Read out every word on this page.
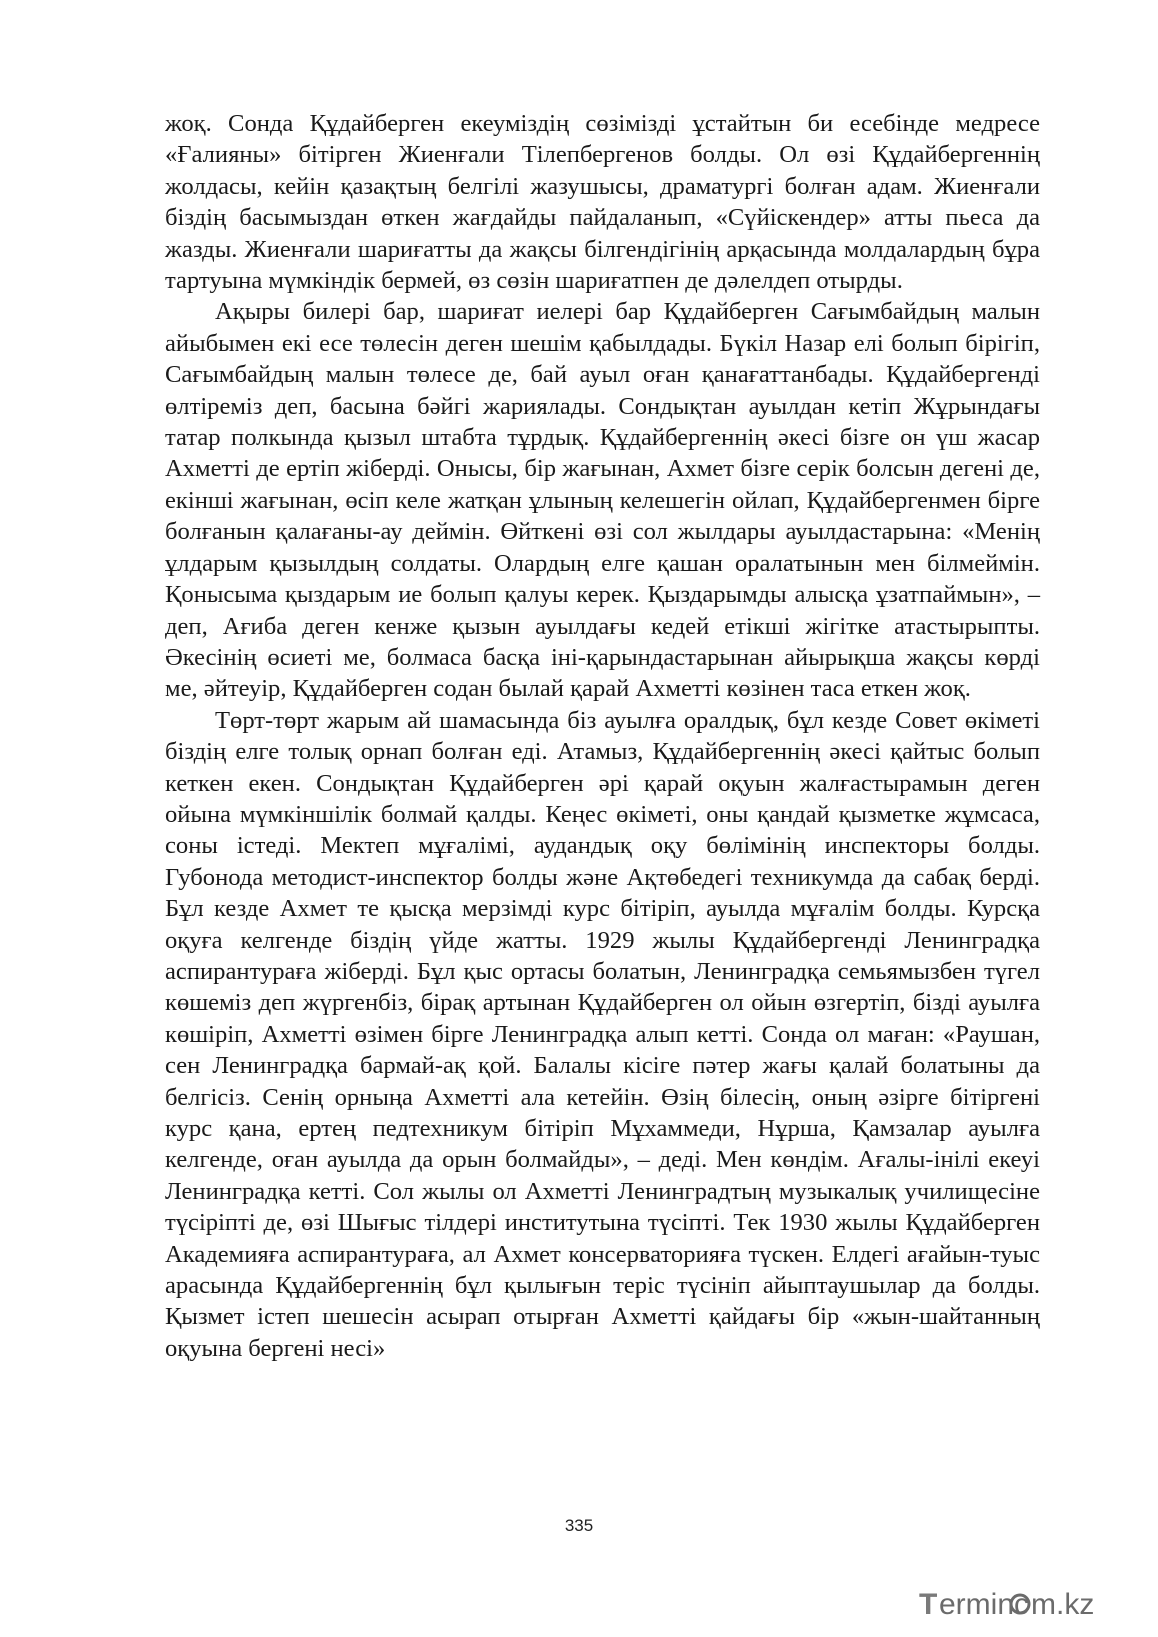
жоқ. Сонда Құдайберген екеуміздің сөзімізді ұстайтын би есебінде медресе «Ғалияны» бітірген Жиенғали Тілепбергенов болды. Ол өзі Құдайбергеннің жолдасы, кейін қазақтың белгілі жазушысы, драматургі болған адам. Жиенғали біздің басымыздан өткен жағдайды пайдаланып, «Сүйіскендер» атты пьеса да жазды. Жиенғали шариғатты да жақсы білгендігінің арқасында молдалардың бұра тартуына мүмкіндік бермей, өз сөзін шариғатпен де дәлелдеп отырды.

Ақыры билері бар, шариғат иелері бар Құдайберген Сағымбайдың малын айыбымен екі есе төлесін деген шешім қабылдады. Бүкіл Назар елі болып бірігіп, Сағымбайдың малын төлесе де, бай ауыл оған қанағаттанбады. Құдайбергенді өлтіреміз деп, басына бәйгі жариялады. Сондықтан ауылдан кетіп Жұрындағы татар полкында қызыл штабта тұрдық. Құдайбергеннің әкесі бізге он үш жасар Ахметті де ертіп жіберді. Онысы, бір жағынан, Ахмет бізге серік болсын дегені де, екінші жағынан, өсіп келе жатқан ұлының келешегін ойлап, Құдайбергенмен бірге болғанын қалағаны-ау деймін. Өйткені өзі сол жылдары ауылдастарына: «Менің ұлдарым қызылдың солдаты. Олардың елге қашан оралатынын мен білмеймін. Қонысыма қыздарым ие болып қалуы керек. Қыздарымды алысқа ұзатпаймын», – деп, Ағиба деген кенже қызын ауылдағы кедей етікші жігітке атастырыпты. Әкесінің өсиеті ме, болмаса басқа іні-қарындастарынан айырықша жақсы көрді ме, әйтеуір, Құдайберген содан былай қарай Ахметті көзінен таса еткен жоқ.

Төрт-төрт жарым ай шамасында біз ауылға оралдық, бұл кезде Совет өкіметі біздің елге толық орнап болған еді. Атамыз, Құдайбергеннің әкесі қайтыс болып кеткен екен. Сондықтан Құдайберген әрі қарай оқуын жалғастырамын деген ойына мүмкіншілік болмай қалды. Кеңес өкіметі, оны қандай қызметке жұмсаса, соны істеді. Мектеп мұғалімі, аудандық оқу бөлімінің инспекторы болды. Губонода методист-инспектор болды және Ақтөбедегі техникумда да сабақ берді. Бұл кезде Ахмет те қысқа мерзімді курс бітіріп, ауылда мұғалім болды. Курсқа оқуға келгенде біздің үйде жатты. 1929 жылы Құдайбергенді Ленинградқа аспирантураға жіберді. Бұл қыс ортасы болатын, Ленинградқа семьямызбен түгел көшеміз деп жүргенбіз, бірақ артынан Құдайберген ол ойын өзгертіп, бізді ауылға көшіріп, Ахметті өзімен бірге Ленинградқа алып кетті. Сонда ол маған: «Раушан, сен Ленинградқа бармай-ақ қой. Балалы кісіге пәтер жағы қалай болатыны да белгісіз. Сенің орныңа Ахметті ала кетейін. Өзің білесің, оның әзірге бітіргені курс қана, ертең педтехникум бітіріп Мұхаммеди, Нұрша, Қамзалар ауылға келгенде, оған ауылда да орын болмайды», – деді. Мен көндім. Ағалы-інілі екеуі Ленинградқа кетті. Сол жылы ол Ахметті Ленинградтың музыкалық училищесіне түсіріпті де, өзі Шығыс тілдері институтына түсіпті. Тек 1930 жылы Құдайберген Академияға аспирантураға, ал Ахмет консерваторияға түскен. Елдегі ағайын-туыс арасында Құдайбергеннің бұл қылығын теріс түсініп айыптаушылар да болды. Қызмет істеп шешесін асырап отырған Ахметті қайдағы бір «жын-шайтанның оқуына бергені несі»

335
T erminc m.kz
